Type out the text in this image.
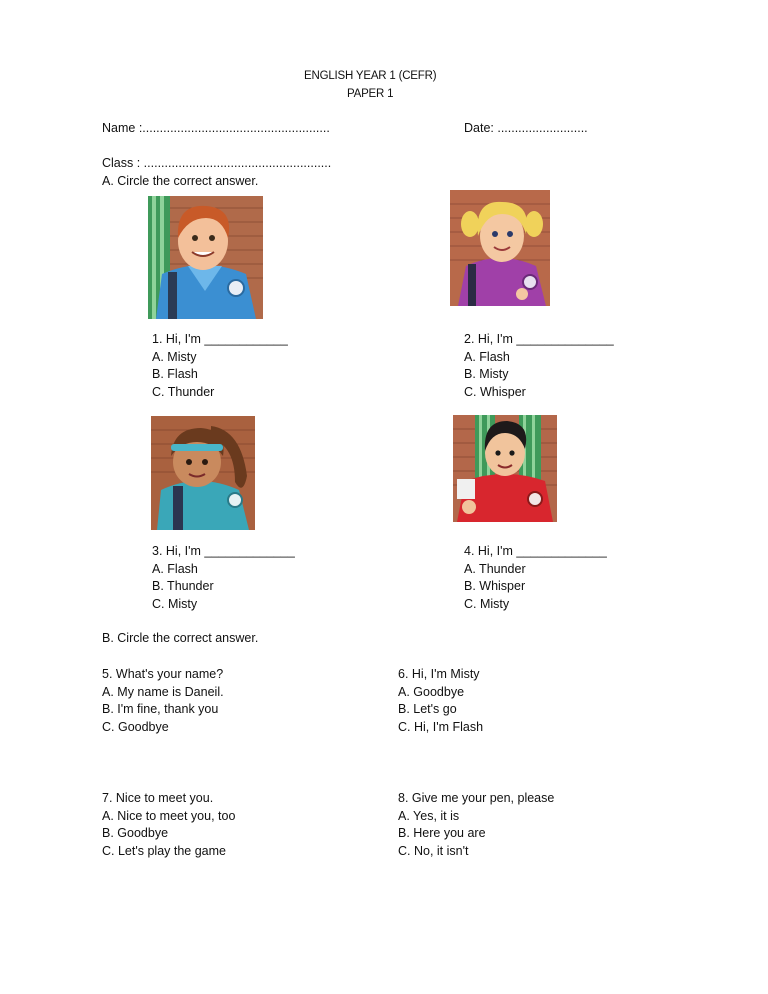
ENGLISH YEAR 1 (CEFR)
PAPER 1
Name :......................................................	Date: ..........................
Class : ......................................................
A. Circle the correct answer.
1. Hi, I'm ____________
A. Misty
B. Flash
C. Thunder
2. Hi, I'm ______________
A. Flash
B. Misty
C. Whisper
3. Hi, I'm _____________
A. Flash
B. Thunder
C. Misty
4. Hi, I'm _____________
A. Thunder
B. Whisper
C. Misty
B. Circle the correct answer.
5. What's your name?
A. My name is Daneil.
B. I'm fine, thank you
C. Goodbye
6. Hi, I'm Misty
A. Goodbye
B. Let's go
C. Hi, I'm Flash
7. Nice to meet you.
A. Nice to meet you, too
B. Goodbye
C. Let's play the game
8. Give me your pen, please
A. Yes, it is
B. Here you are
C. No, it isn't
